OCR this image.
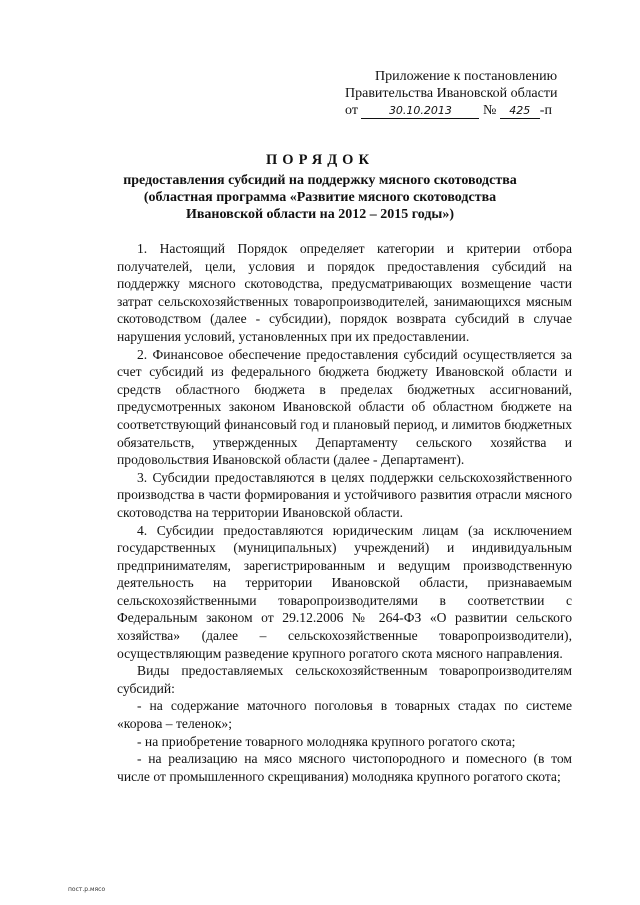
Приложение к постановлению
Правительства Ивановской области
от	30.10.2013 № 425 -п
ПОРЯДОК
предоставления субсидий на поддержку мясного скотоводства
(областная программа «Развитие мясного скотоводства
Ивановской области на 2012 – 2015 годы»)

1. Настоящий Порядок определяет категории и критерии отбора получателей, цели, условия и порядок предоставления субсидий на поддержку мясного скотоводства, предусматривающих возмещение части затрат сельскохозяйственных товаропроизводителей, занимающихся мясным скотоводством (далее - субсидии), порядок возврата субсидий в случае нарушения условий, установленных при их предоставлении.

2. Финансовое обеспечение предоставления субсидий осуществляется за счет субсидий из федерального бюджета бюджету Ивановской области и средств областного бюджета в пределах бюджетных ассигнований, предусмотренных законом Ивановской области об областном бюджете на соответствующий финансовый год и плановый период, и лимитов бюджетных обязательств, утвержденных Департаменту сельского хозяйства и продовольствия Ивановской области (далее - Департамент).

3. Субсидии предоставляются в целях поддержки сельскохозяйственного производства в части формирования и устойчивого развития отрасли мясного скотоводства на территории Ивановской области.

4. Субсидии предоставляются юридическим лицам (за исключением государственных (муниципальных) учреждений) и индивидуальным предпринимателям, зарегистрированным и ведущим производственную деятельность на территории Ивановской области, признаваемым сельскохозяйственными товаропроизводителями в соответствии с Федеральным законом от 29.12.2006 № 264-ФЗ «О развитии сельского хозяйства» (далее – сельскохозяйственные товаропроизводители), осуществляющим разведение крупного рогатого скота мясного направления.

Виды предоставляемых сельскохозяйственным товаропроизводителям субсидий:

- на содержание маточного поголовья в товарных стадах по системе «корова – теленок»;

- на приобретение товарного молодняка крупного рогатого скота;

- на реализацию на мясо мясного чистопородного и помесного (в том числе от промышленного скрещивания) молодняка крупного рогатого скота;

пост.р.мясо
